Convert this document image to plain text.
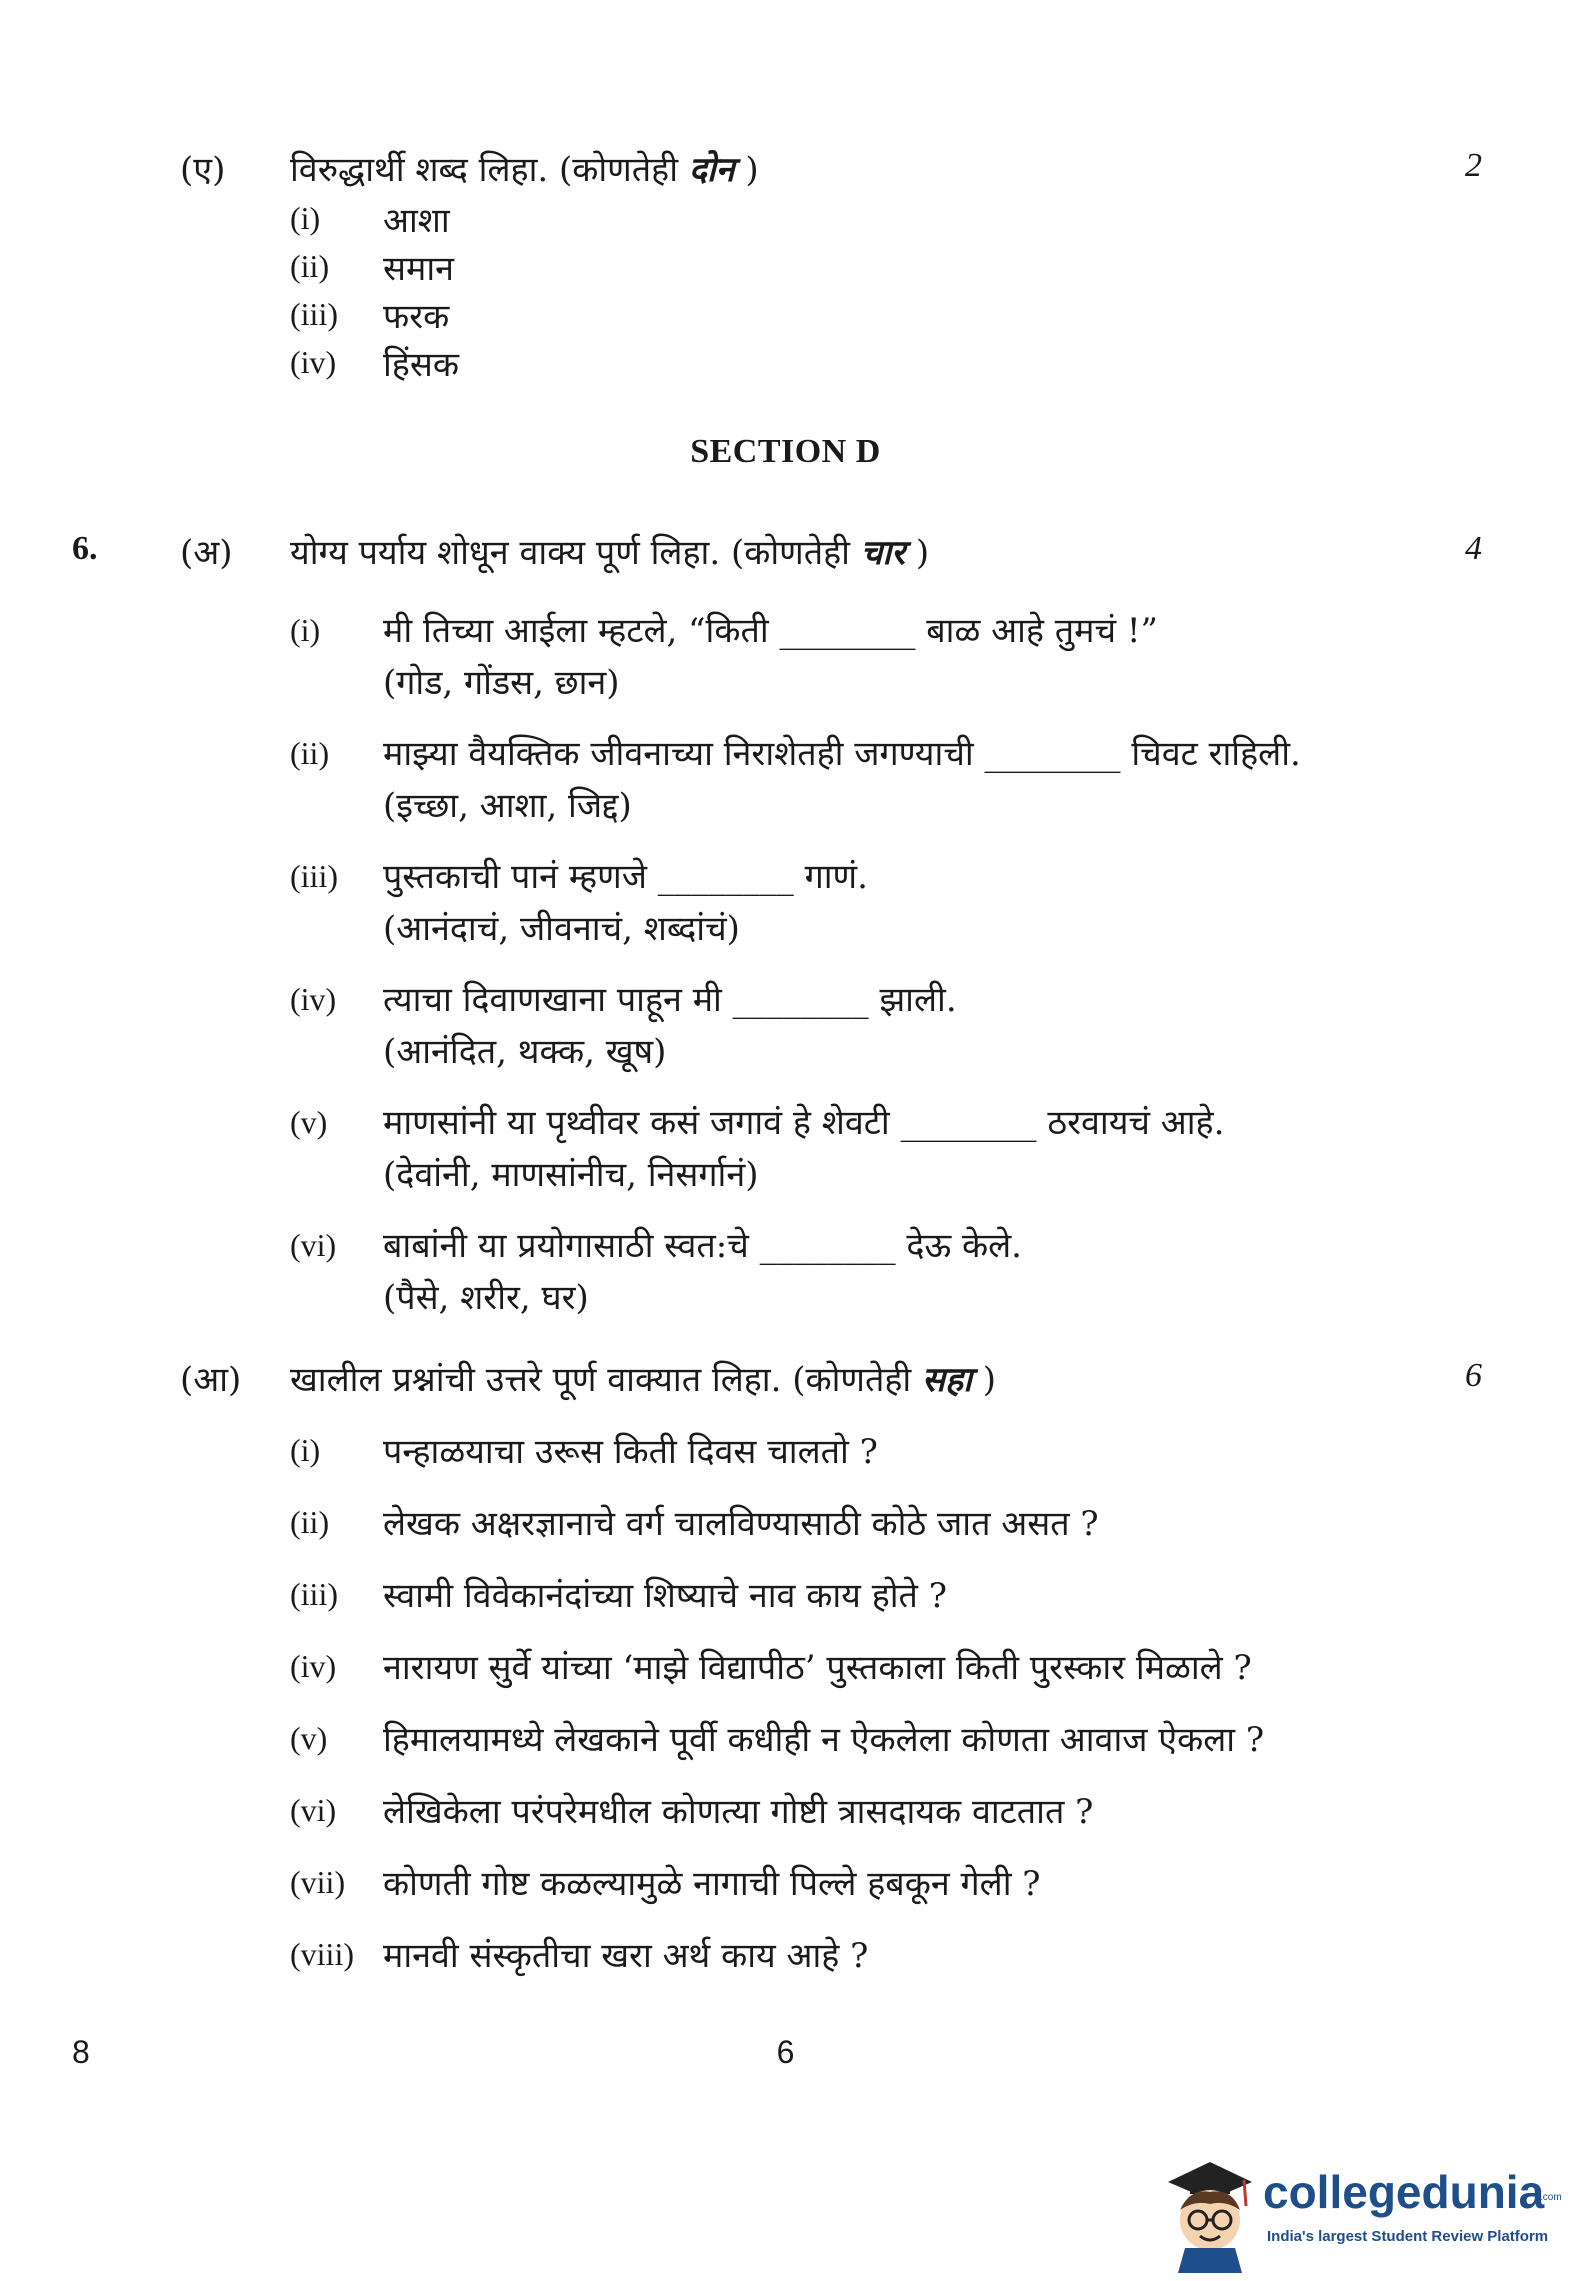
(ए) विरुद्धार्थी शब्द लिहा. (कोणतेही दोन )	2
(i) आशा
(ii) समान
(iii) फरक
(iv) हिंसक
SECTION D
6. (अ) योग्य पर्याय शोधून वाक्य पूर्ण लिहा. (कोणतेही चार )	4
(i) मी तिच्या आईला म्हटले, “किती ________ बाळ आहे तुमचं !”
(गोड, गोंडस, छान)
(ii) माझ्या वैयक्तिक जीवनाच्या निराशेतही जगण्याची ________ चिवट राहिली.
(इच्छा, आशा, जिद्द)
(iii) पुस्तकाची पानं म्हणजे ________ गाणं.
(आनंदाचं, जीवनाचं, शब्दांचं)
(iv) त्याचा दिवाणखाना पाहून मी ________ झाली.
(आनंदित, थक्क, खूष)
(v) माणसांनी या पृथ्वीवर कसं जगावं हे शेवटी ________ ठरवायचं आहे.
(देवांनी, माणसांनीच, निसर्गानं)
(vi) बाबांनी या प्रयोगासाठी स्वत:चे ________ देऊ केले.
(पैसे, शरीर, घर)
(आ) खालील प्रश्नांची उत्तरे पूर्ण वाक्यात लिहा. (कोणतेही सहा )	6
(i) पन्हाळयाचा उरूस किती दिवस चालतो ?
(ii) लेखक अक्षरज्ञानाचे वर्ग चालविण्यासाठी कोठे जात असत ?
(iii) स्वामी विवेकानंदांच्या शिष्याचे नाव काय होते ?
(iv) नारायण सुर्वे यांच्या ‘माझे विद्यापीठ’ पुस्तकाला किती पुरस्कार मिळाले ?
(v) हिमालयामध्ये लेखकाने पूर्वी कधीही न ऐकलेला कोणता आवाज ऐकला ?
(vi) लेखिकेला परंपरेमधील कोणत्या गोष्टी त्रासदायक वाटतात ?
(vii) कोणती गोष्ट कळल्यामुळे नागाची पिल्ले हबकून गेली ?
(viii) मानवी संस्कृतीचा खरा अर्थ काय आहे ?
8	6
collegedunia
.com
India's largest Student Review Platform
